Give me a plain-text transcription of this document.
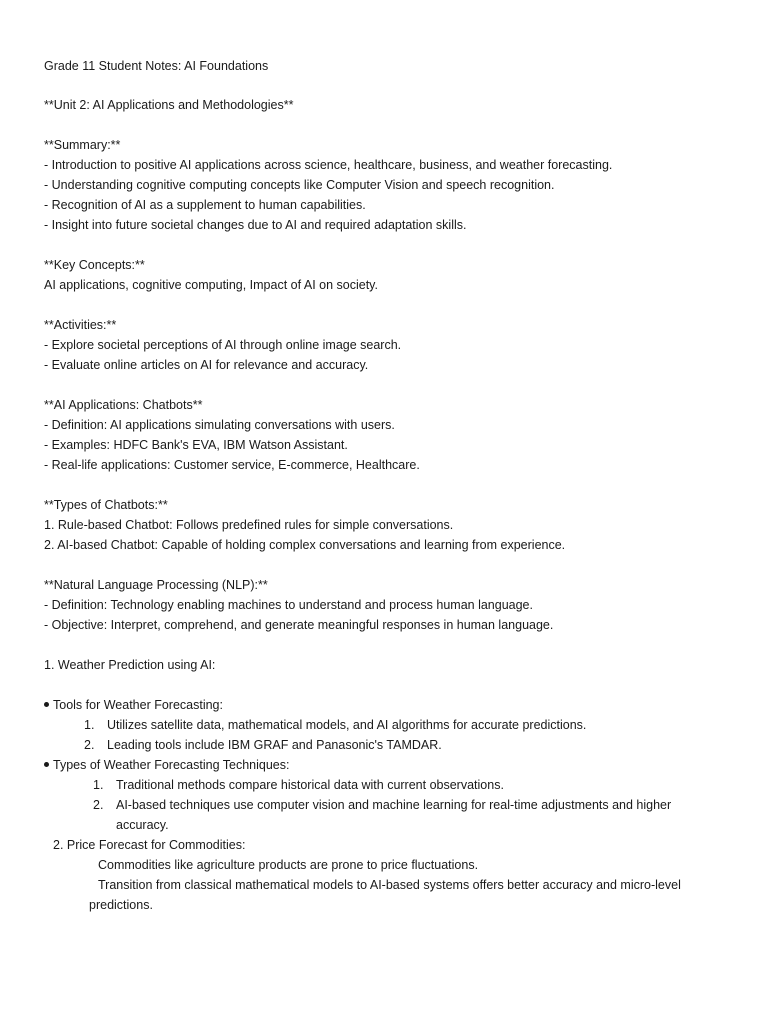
Grade 11 Student Notes: AI Foundations
**Unit 2: AI Applications and Methodologies**
**Summary:**
- Introduction to positive AI applications across science, healthcare, business, and weather forecasting.
- Understanding cognitive computing concepts like Computer Vision and speech recognition.
- Recognition of AI as a supplement to human capabilities.
- Insight into future societal changes due to AI and required adaptation skills.
**Key Concepts:**
AI applications, cognitive computing, Impact of AI on society.
**Activities:**
- Explore societal perceptions of AI through online image search.
- Evaluate online articles on AI for relevance and accuracy.
**AI Applications: Chatbots**
- Definition: AI applications simulating conversations with users.
- Examples: HDFC Bank's EVA, IBM Watson Assistant.
- Real-life applications: Customer service, E-commerce, Healthcare.
**Types of Chatbots:**
1. Rule-based Chatbot: Follows predefined rules for simple conversations.
2. AI-based Chatbot: Capable of holding complex conversations and learning from experience.
**Natural Language Processing (NLP):**
- Definition: Technology enabling machines to understand and process human language.
- Objective: Interpret, comprehend, and generate meaningful responses in human language.
1. Weather Prediction using AI:
Tools for Weather Forecasting:
1. Utilizes satellite data, mathematical models, and AI algorithms for accurate predictions.
2. Leading tools include IBM GRAF and Panasonic's TAMDAR.
Types of Weather Forecasting Techniques:
1. Traditional methods compare historical data with current observations.
2. AI-based techniques use computer vision and machine learning for real-time adjustments and higher
accuracy.
2. Price Forecast for Commodities:
Commodities like agriculture products are prone to price fluctuations.
Transition from classical mathematical models to AI-based systems offers better accuracy and micro-level
predictions.
